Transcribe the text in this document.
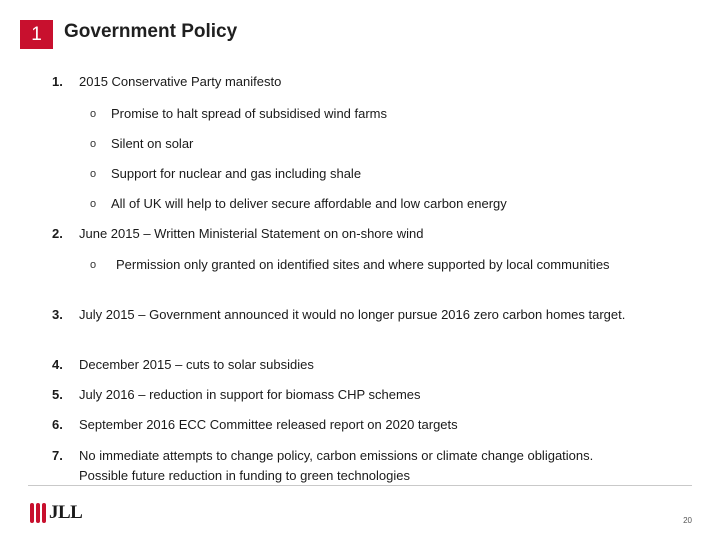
1	Government Policy
1. 2015 Conservative Party manifesto
o Promise to halt spread of subsidised wind farms
o Silent on solar
o Support for nuclear and gas including shale
o All of UK will help to deliver secure affordable and low carbon energy
2. June 2015 – Written Ministerial Statement on on-shore wind
o Permission only granted on identified sites and where supported by local communities
3. July 2015 – Government announced it would no longer pursue 2016 zero carbon homes target.
4. December 2015 – cuts to solar subsidies
5. July 2016 – reduction in support for biomass CHP schemes
6. September 2016 ECC Committee released report on 2020 targets
7. No immediate attempts to change policy, carbon emissions or climate change obligations. Possible future reduction in funding to green technologies
JLL	20
